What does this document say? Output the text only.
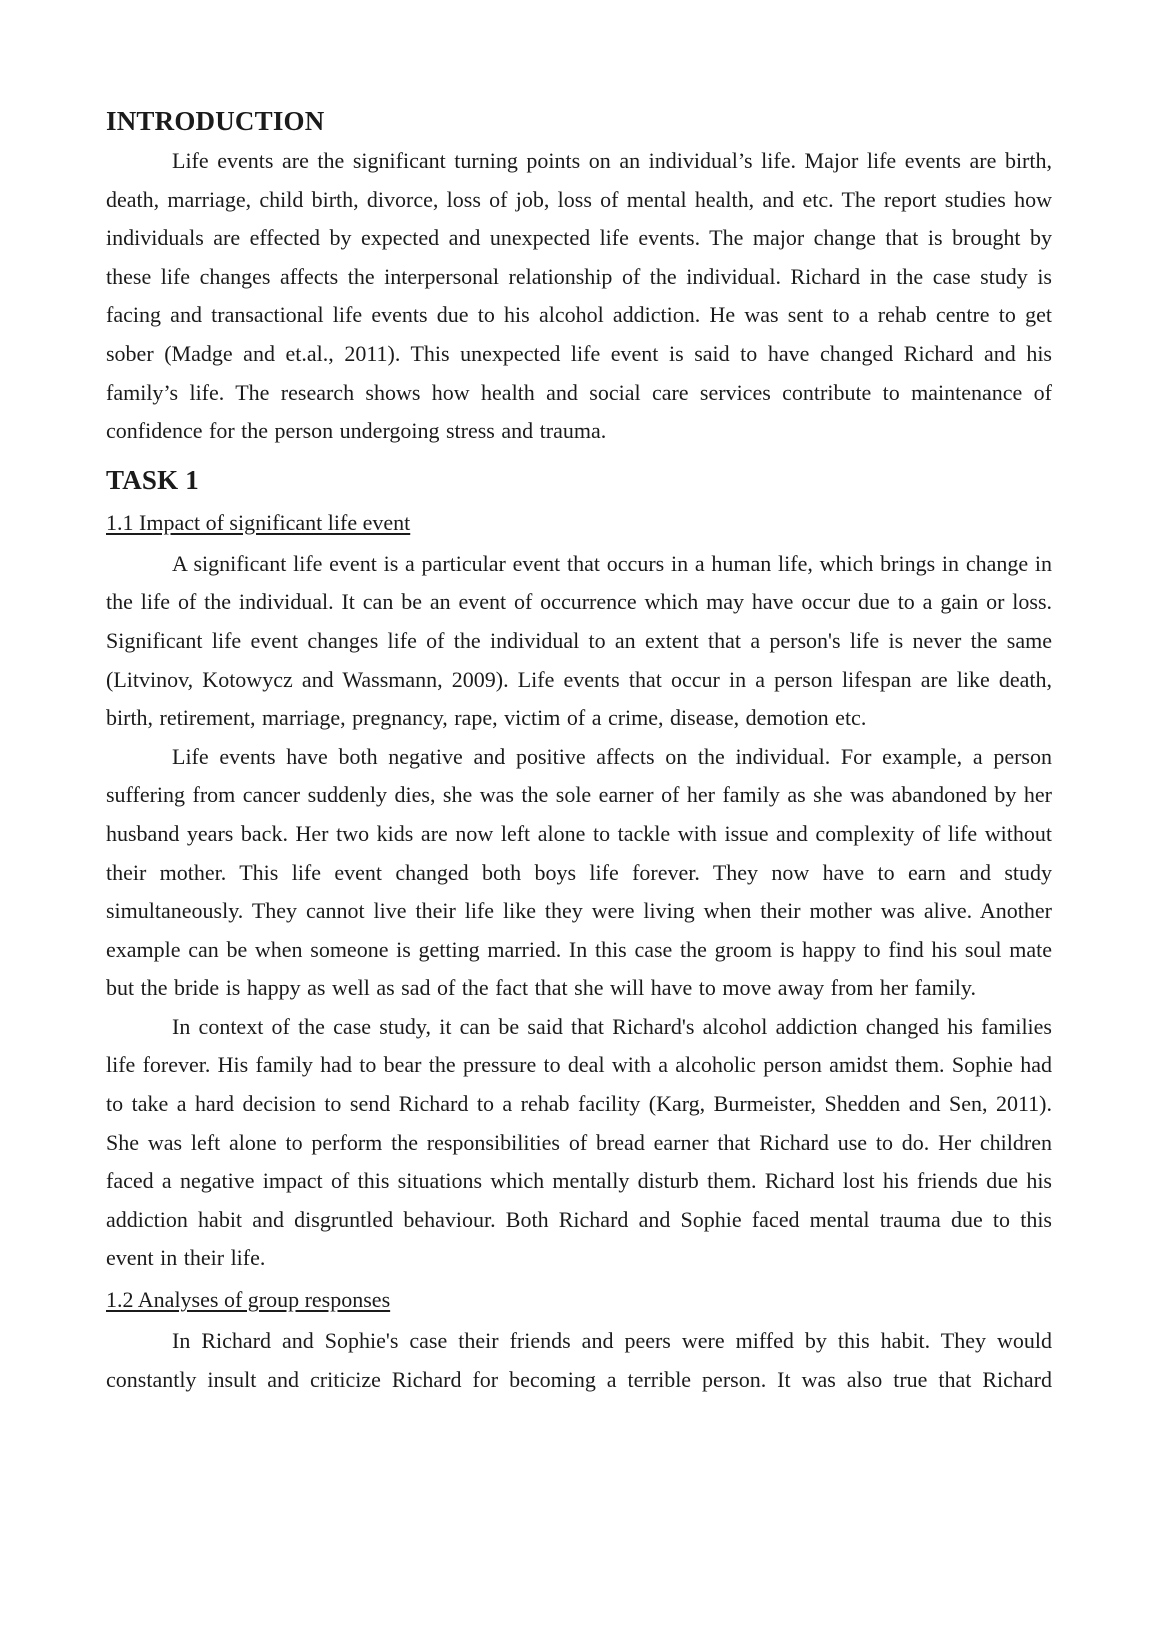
INTRODUCTION

Life events are the significant turning points on an individual’s life. Major life events are birth, death, marriage, child birth, divorce, loss of job, loss of mental health, and etc. The report studies how individuals are effected by expected and unexpected life events. The major change that is brought by these life changes affects the interpersonal relationship of the individual. Richard in the case study is facing and transactional life events due to his alcohol addiction. He was sent to a rehab centre to get sober (Madge and et.al., 2011). This unexpected life event is said to have changed Richard and his family’s life. The research shows how health and social care services contribute to maintenance of confidence for the person undergoing stress and trauma.

TASK 1
1.1 Impact of significant life event

A significant life event is a particular event that occurs in a human life, which brings in change in the life of the individual. It can be an event of occurrence which may have occur due to a gain or loss. Significant life event changes life of the individual to an extent that a person's life is never the same (Litvinov, Kotowycz and Wassmann, 2009). Life events that occur in a person lifespan are like death, birth, retirement, marriage, pregnancy, rape, victim of a crime, disease, demotion etc.

Life events have both negative and positive affects on the individual. For example, a person suffering from cancer suddenly dies, she was the sole earner of her family as she was abandoned by her husband years back. Her two kids are now left alone to tackle with issue and complexity of life without their mother. This life event changed both boys life forever. They now have to earn and study simultaneously. They cannot live their life like they were living when their mother was alive. Another example can be when someone is getting married. In this case the groom is happy to find his soul mate but the bride is happy as well as sad of the fact that she will have to move away from her family.

In context of the case study, it can be said that Richard's alcohol addiction changed his families life forever. His family had to bear the pressure to deal with a alcoholic person amidst them. Sophie had to take a hard decision to send Richard to a rehab facility (Karg, Burmeister, Shedden and Sen, 2011). She was left alone to perform the responsibilities of bread earner that Richard use to do. Her children faced a negative impact of this situations which mentally disturb them. Richard lost his friends due his addiction habit and disgruntled behaviour. Both Richard and Sophie faced mental trauma due to this event in their life.

1.2 Analyses of group responses

In Richard and Sophie's case their friends and peers were miffed by this habit. They would constantly insult and criticize Richard for becoming a terrible person. It was also true that Richard
